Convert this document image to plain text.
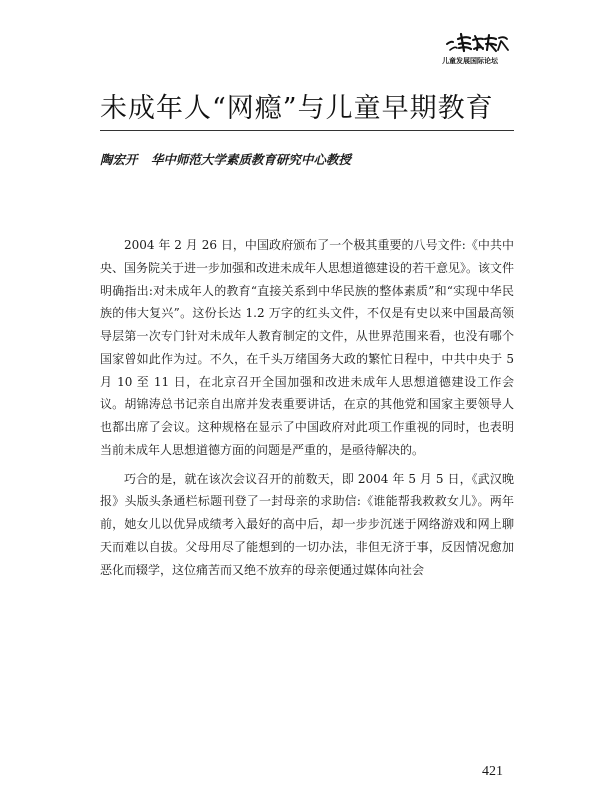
儿童发展国际论坛
未成年人“网瘾”与儿童早期教育
陶宏开 华中师范大学素质教育研究中心教授

2004 年 2 月 26 日，中国政府颁布了一个极其重要的八号文件:《中共中央、国务院关于进一步加强和改进未成年人思想道德建设的若干意见》。该文件明确指出:对未成年人的教育“直接关系到中华民族的整体素质”和“实现中华民族的伟大复兴”。这份长达 1.2 万字的红头文件，不仅是有史以来中国最高领导层第一次专门针对未成年人教育制定的文件，从世界范围来看，也没有哪个国家曾如此作为过。不久，在千头万绪国务大政的繁忙日程中，中共中央于 5 月 10 至 11 日，在北京召开全国加强和改进未成年人思想道德建设工作会议。胡锦涛总书记亲自出席并发表重要讲话，在京的其他党和国家主要领导人也都出席了会议。这种规格在显示了中国政府对此项工作重视的同时，也表明当前未成年人思想道德方面的问题是严重的，是亟待解决的。

巧合的是，就在该次会议召开的前数天，即 2004 年 5 月 5 日，《武汉晚报》头版头条通栏标题刊登了一封母亲的求助信:《谁能帮我救救女儿》。两年前，她女儿以优异成绩考入最好的高中后，却一步步沉迷于网络游戏和网上聊天而难以自拔。父母用尽了能想到的一切办法，非但无济于事，反因情况愈加恶化而辍学，这位痛苦而又绝不放弃的母亲便通过媒体向社会

421
